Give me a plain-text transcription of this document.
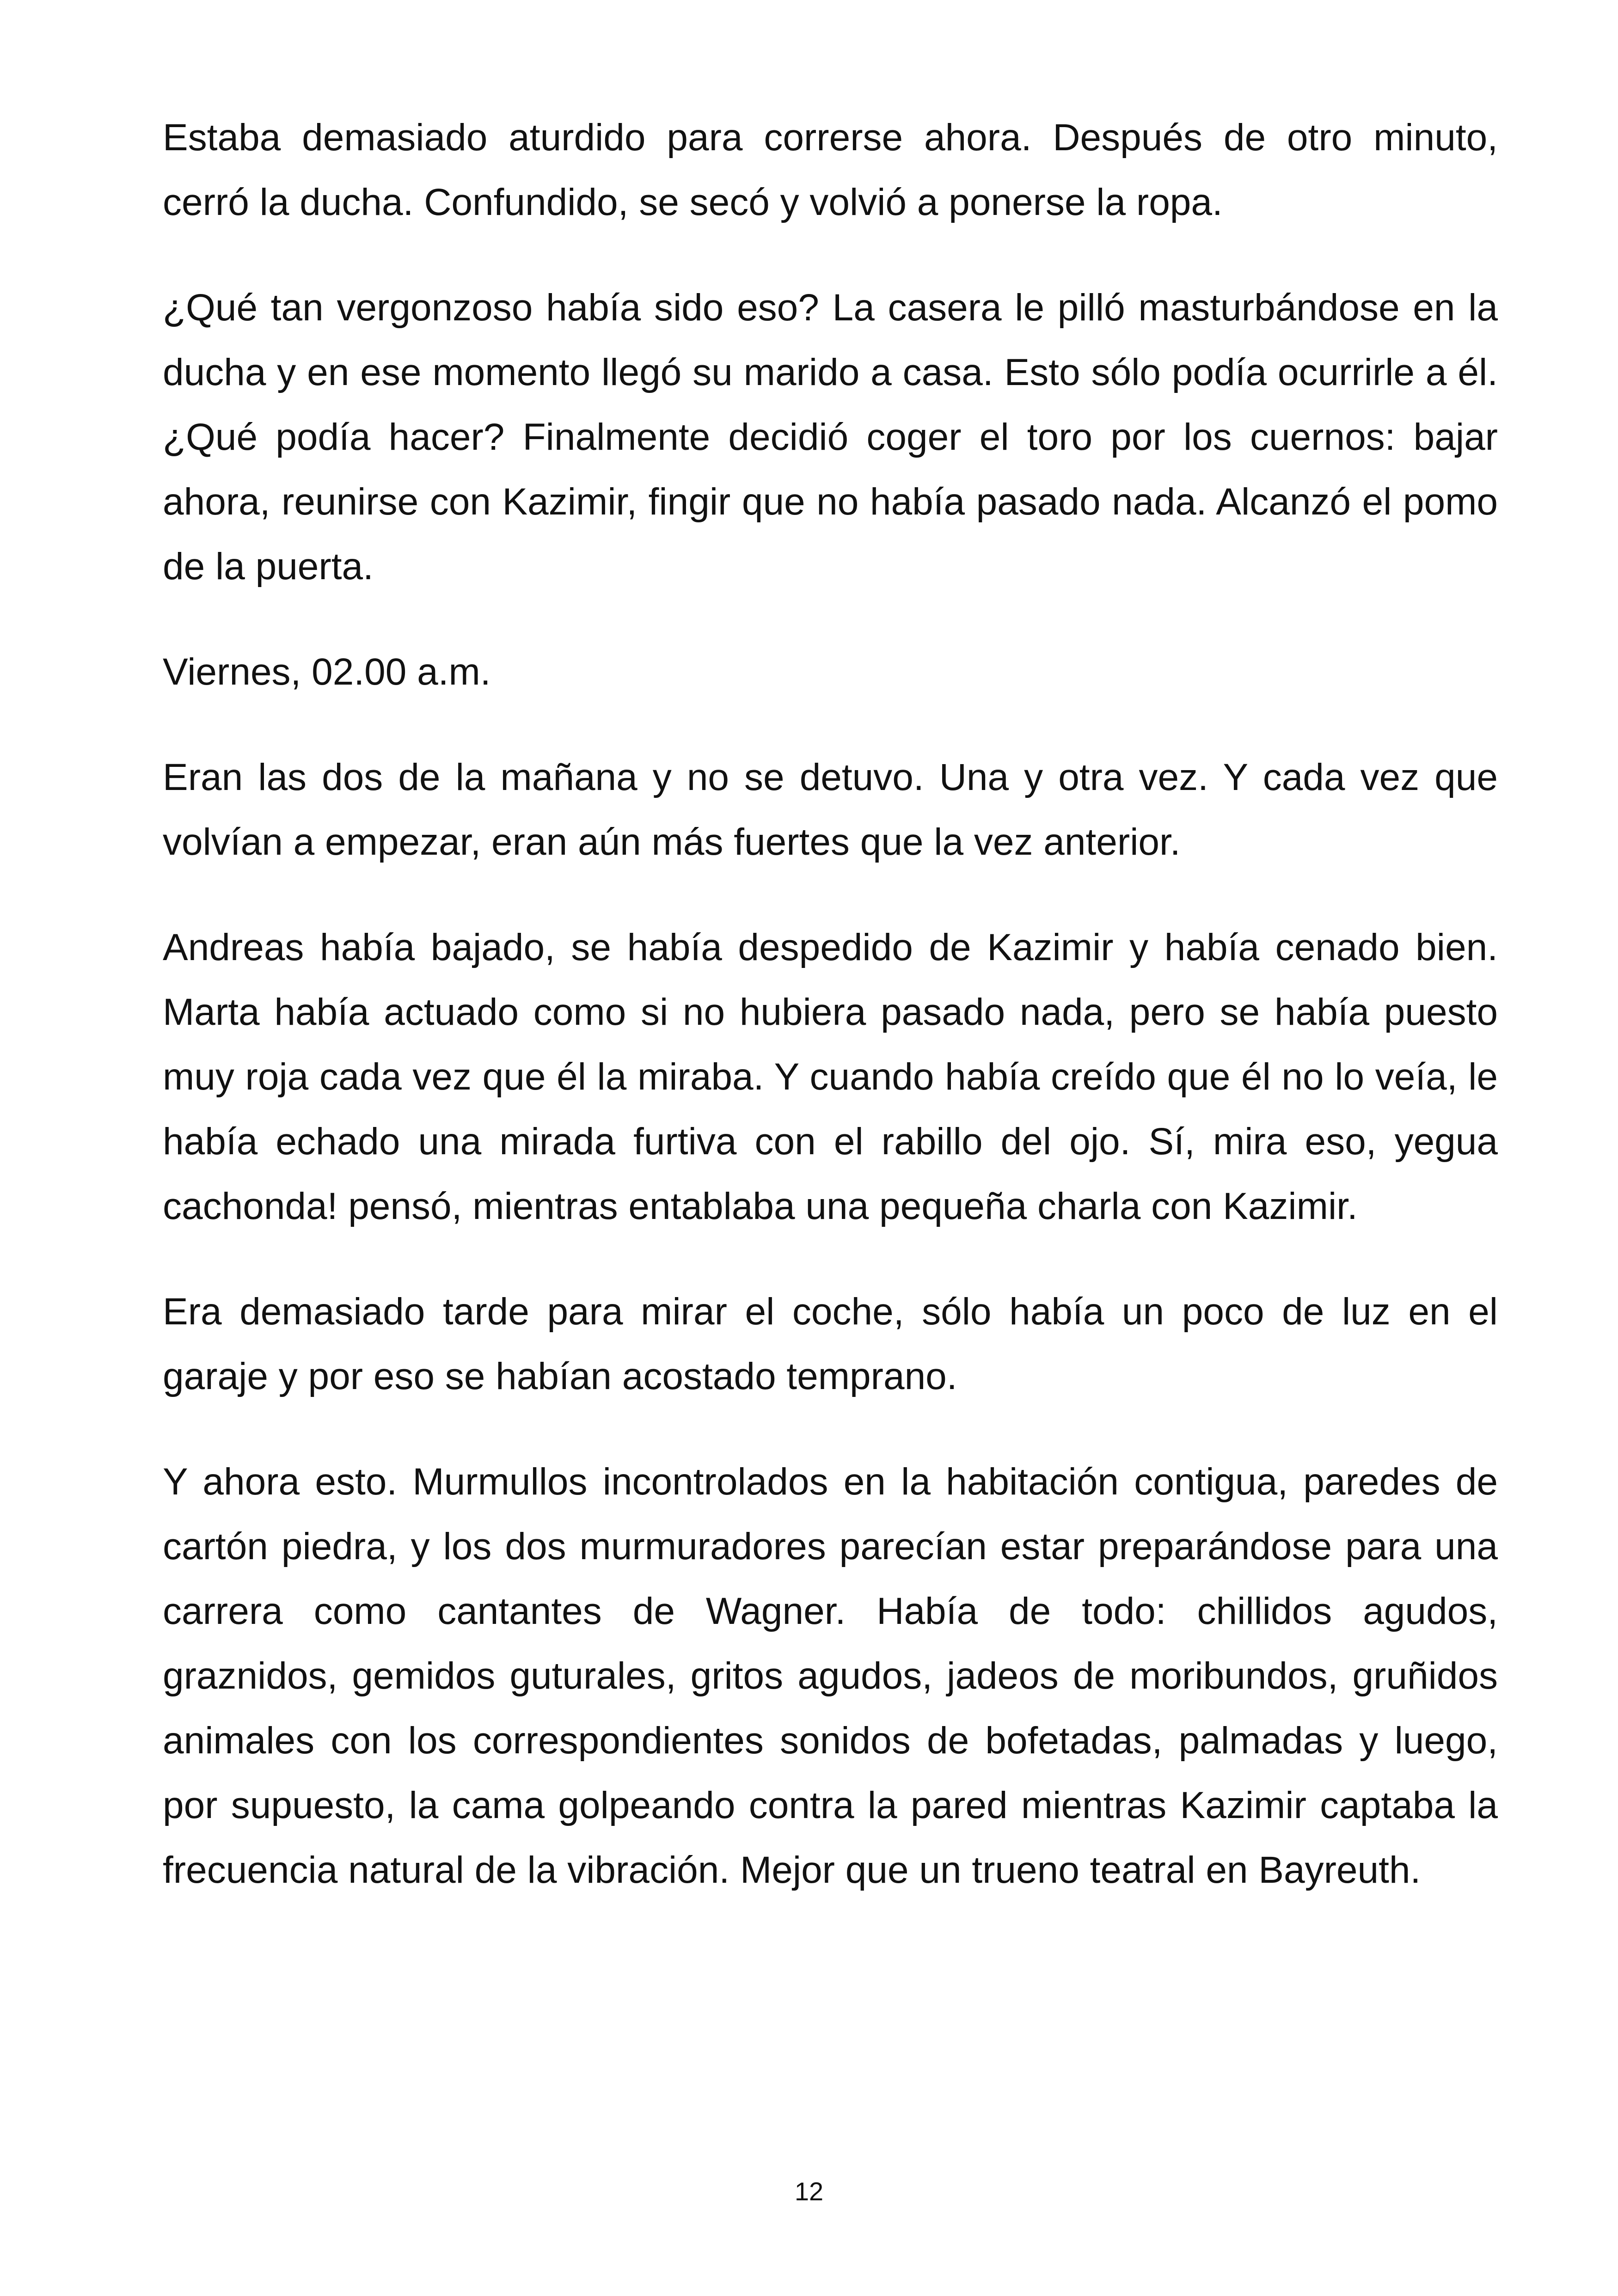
Estaba demasiado aturdido para correrse ahora. Después de otro minuto, cerró la ducha. Confundido, se secó y volvió a ponerse la ropa.

¿Qué tan vergonzoso había sido eso? La casera le pilló masturbándose en la ducha y en ese momento llegó su marido a casa. Esto sólo podía ocurrirle a él. ¿Qué podía hacer? Finalmente decidió coger el toro por los cuernos: bajar ahora, reunirse con Kazimir, fingir que no había pasado nada. Alcanzó el pomo de la puerta.

Viernes, 02.00 a.m.

Eran las dos de la mañana y no se detuvo. Una y otra vez. Y cada vez que volvían a empezar, eran aún más fuertes que la vez anterior.

Andreas había bajado, se había despedido de Kazimir y había cenado bien. Marta había actuado como si no hubiera pasado nada, pero se había puesto muy roja cada vez que él la miraba. Y cuando había creído que él no lo veía, le había echado una mirada furtiva con el rabillo del ojo. Sí, mira eso, yegua cachonda! pensó, mientras entablaba una pequeña charla con Kazimir.

Era demasiado tarde para mirar el coche, sólo había un poco de luz en el garaje y por eso se habían acostado temprano.

Y ahora esto. Murmullos incontrolados en la habitación contigua, paredes de cartón piedra, y los dos murmuradores parecían estar preparándose para una carrera como cantantes de Wagner. Había de todo: chillidos agudos, graznidos, gemidos guturales, gritos agudos, jadeos de moribundos, gruñidos animales con los correspondientes sonidos de bofetadas, palmadas y luego, por supuesto, la cama golpeando contra la pared mientras Kazimir captaba la frecuencia natural de la vibración. Mejor que un trueno teatral en Bayreuth.

12
